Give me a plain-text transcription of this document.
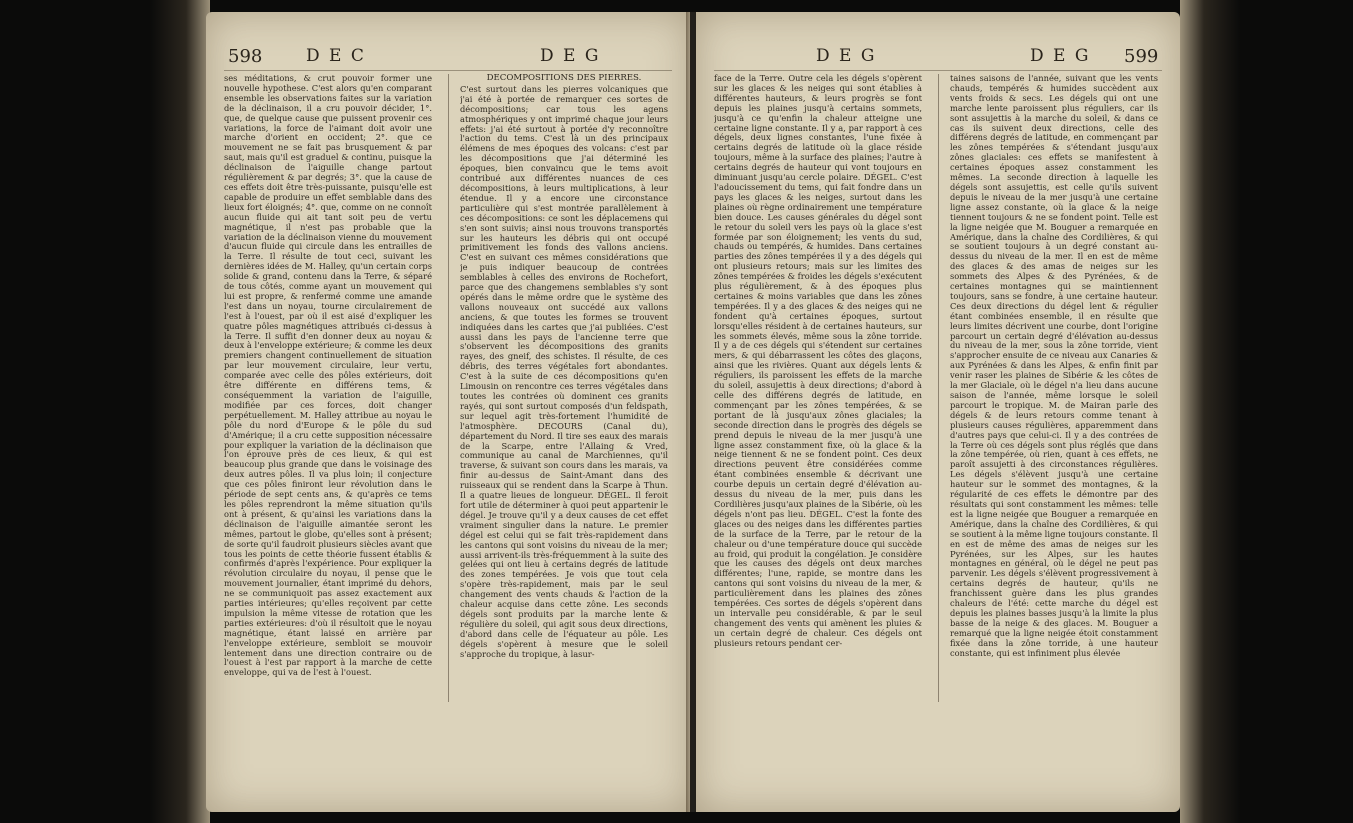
598	D E C	D E G
ses méditations, & crut pouvoir former une nouvelle hypothese. C'est alors qu'en comparant ensemble les observations faites sur la variation de la déclinaison, il a cru pouvoir décider, 1°. que, de quelque cause que puissent provenir ces variations, la force de l'aimant doit avoir une marche d'orient en occident; 2°. que ce mouvement ne se fait pas brusquement & par saut, mais qu'il est graduel & continu, puisque la déclinaison de l'aiguille change partout régulièrement & par degrés; 3°. que la cause de ces effets doit être très-puissante, puisqu'elle est capable de produire un effet semblable dans des lieux fort éloignés; 4°. que, comme on ne connoît aucun fluide qui ait tant soit peu de vertu magnétique, il n'est pas probable que la variation de la déclinaison vienne du mouvement d'aucun fluide qui circule dans les entrailles de la Terre. Il résulte de tout ceci, suivant les dernières idées de M. Halley, qu'un certain corps solide & grand, contenu dans la Terre, & séparé de tous côtés, comme ayant un mouvement qui lui est propre, & renfermé comme une amande l'est dans un noyau, tourne circulairement de l'est à l'ouest, par où il est aisé d'expliquer les quatre pôles magnétiques attribués ci-dessus à la Terre. Il suffit d'en donner deux au noyau & deux à l'enveloppe extérieure; & comme les deux premiers changent continuellement de situation par leur mouvement circulaire, leur vertu, comparée avec celle des pôles extérieurs, doit être différente en différens tems, & conséquemment la variation de l'aiguille, modifiée par ces forces, doit changer perpétuellement. M. Halley attribue au noyau le pôle du nord d'Europe & le pôle du sud d'Amérique; il a cru cette supposition nécessaire pour expliquer la variation de la déclinaison que l'on éprouve près de ces lieux, & qui est beaucoup plus grande que dans le voisinage des deux autres pôles. Il va plus loin; il conjecture que ces pôles finiront leur révolution dans le période de sept cents ans, & qu'après ce tems les pôles reprendront la même situation qu'ils ont à présent, & qu'ainsi les variations dans la déclinaison de l'aiguille aimantée seront les mêmes, partout le globe, qu'elles sont à présent; de sorte qu'il faudroit plusieurs siècles avant que tous les points de cette théorie fussent établis & confirmés d'après l'expérience. Pour expliquer la révolution circulaire du noyau, il pense que le mouvement journalier, étant imprimé du dehors, ne se communiquoit pas assez exactement aux parties intérieures; qu'elles reçoivent par cette impulsion la même vitesse de rotation que les parties extérieures: d'où il résultoit que le noyau magnétique, étant laissé en arrière par l'enveloppe extérieure, sembloit se mouvoir lentement dans une direction contraire ou de l'ouest à l'est par rapport à la marche de cette enveloppe, qui va de l'est à l'ouest.
DÉCOMPOSITIONS DES PIERRES.
C'est surtout dans les pierres volcaniques que j'ai été à portée de remarquer ces sortes de décompositions; car tous les agens atmosphériques y ont imprimé chaque jour leurs effets: j'ai été surtout à portée d'y reconnoître l'action du tems. C'est là un des principaux élémens de mes époques des volcans: c'est par les décompositions que j'ai déterminé les époques, bien convaincu que le tems avoit contribué aux différentes nuances de ces décompositions, à leurs multiplications, à leur étendue. Il y a encore une circonstance particulière qui s'est montrée parallèlement à ces décompositions: ce sont les déplacemens qui s'en sont suivis; ainsi nous trouvons transportés sur les hauteurs les débris qui ont occupé primitivement les fonds des vallons anciens. C'est en suivant ces mêmes considérations que je puis indiquer beaucoup de contrées semblables à celles des environs de Rochefort, parce que des changemens semblables s'y sont opérés dans le même ordre que le système des vallons nouveaux ont succédé aux vallons anciens, & que toutes les formes se trouvent indiquées dans les cartes que j'ai publiées. C'est aussi dans les pays de l'ancienne terre que s'observent les décompositions des granits rayes, des gneif, des schistes. Il résulte, de ces débris, des terres végétales fort abondantes. C'est à la suite de ces décompositions qu'en Limousin on rencontre ces terres végétales dans toutes les contrées où dominent ces granits rayés, qui sont surtout composés d'un feldspath, sur lequel agit très-fortement l'humidité de l'atmosphère. DECOURS (Canal du), département du Nord. Il tire ses eaux des marais de la Scarpe, entre l'Allaing & Vred, communique au canal de Marchiennes, qu'il traverse, & suivant son cours dans les marais, va finir au-dessus de Saint-Amant dans des ruisseaux qui se rendent dans la Scarpe à Thun. Il a quatre lieues de longueur. DÉGEL. Il feroit fort utile de déterminer à quoi peut appartenir le dégel. Je trouve qu'il y a deux causes de cet effet vraiment singulier dans la nature. Le premier dégel est celui qui se fait très-rapidement dans les cantons qui sont voisins du niveau de la mer; aussi arrivent-ils très-fréquemment à la suite des gelées qui ont lieu à certains degrés de latitude des zones tempérées. Je vois que tout cela s'opère très-rapidement, mais par le seul changement des vents chauds & l'action de la chaleur acquise dans cette zône. Les seconds dégels sont produits par la marche lente & régulière du soleil, qui agit sous deux directions, d'abord dans celle de l'équateur au pôle. Les dégels s'opèrent à mesure que le soleil s'approche du tropique, à lasur-
D E G	D E G 599
face de la Terre. Outre cela les dégels s'opèrent sur les glaces & les neiges qui sont établies à différentes hauteurs, & leurs progrès se font depuis les plaines jusqu'à certains sommets, jusqu'à ce qu'enfin la chaleur atteigne une certaine ligne constante. Il y a, par rapport à ces dégels, deux lignes constantes, l'une fixée à certains degrés de latitude où la glace réside toujours, même à la surface des plaines; l'autre à certains degrés de hauteur qui vont toujours en diminuant jusqu'au cercle polaire. DÉGEL. C'est l'adoucissement du tems, qui fait fondre dans un pays les glaces & les neiges, surtout dans les plaines où règne ordinairement une température bien douce. Les causes générales du dégel sont le retour du soleil vers les pays où la glace s'est formée par son éloignement; les vents du sud, chauds ou tempérés, & humides. Dans certaines parties des zônes tempérées il y a des dégels qui ont plusieurs retours; mais sur les limites des zônes tempérées & froides les dégels s'exécutent plus régulièrement, & à des époques plus certaines & moins variables que dans les zônes tempérées. Il y a des glaces & des neiges qui ne fondent qu'à certaines époques, surtout lorsqu'elles résident à de certaines hauteurs, sur les sommets élevés, même sous la zône torride. Il y a de ces dégels qui s'étendent sur certaines mers, & qui débarrassent les côtes des glaçons, ainsi que les rivières. Quant aux dégels lents & réguliers, ils paroissent les effets de la marche du soleil, assujettis à deux directions; d'abord à celle des différens degrés de latitude, en commençant par les zônes tempérées, & se portant de là jusqu'aux zônes glaciales; la seconde direction dans le progrès des dégels se prend depuis le niveau de la mer jusqu'à une ligne assez constamment fixe, où la glace & la neige tiennent & ne se fondent point. Ces deux directions peuvent être considérées comme étant combinées ensemble & décrivant une courbe depuis un certain degré d'élévation au-dessus du niveau de la mer, puis dans les Cordilières jusqu'aux plaines de la Sibérie, où les dégels n'ont pas lieu. DÉGEL. C'est la fonte des glaces ou des neiges dans les différentes parties de la surface de la Terre, par le retour de la chaleur ou d'une température douce qui succède au froid, qui produit la congélation. Je considère que les causes des dégels ont deux marches différentes; l'une, rapide, se montre dans les cantons qui sont voisins du niveau de la mer, & particulièrement dans les plaines des zônes tempérées. Ces sortes de dégels s'opèrent dans un intervalle peu considérable, & par le seul changement des vents qui amènent les pluies & un certain degré de chaleur. Ces dégels ont plusieurs retours pendant cer-
taines saisons de l'année, suivant que les vents chauds, tempérés & humides succèdent aux vents froids & secs. Les dégels qui ont une marche lente paroissent plus réguliers, car ils sont assujettis à la marche du soleil, & dans ce cas ils suivent deux directions, celle des différens degrés de latitude, en commençant par les zônes tempérées & s'étendant jusqu'aux zônes glaciales: ces effets se manifestent à certaines époques assez constamment les mêmes. La seconde direction à laquelle les dégels sont assujettis, est celle qu'ils suivent depuis le niveau de la mer jusqu'à une certaine ligne assez constante, où la glace & la neige tiennent toujours & ne se fondent point. Telle est la ligne neigée que M. Bouguer a remarquée en Amérique, dans la chaîne des Cordilières, & qui se soutient toujours à un degré constant au-dessus du niveau de la mer. Il en est de même des glaces & des amas de neiges sur les sommets des Alpes & des Pyrénées, & de certaines montagnes qui se maintiennent toujours, sans se fondre, à une certaine hauteur. Ces deux directions du dégel lent & régulier étant combinées ensemble, il en résulte que leurs limites décrivent une courbe, dont l'origine parcourt un certain degré d'élévation au-dessus du niveau de la mer, sous la zône torride, vient s'approcher ensuite de ce niveau aux Canaries & aux Pyrénées & dans les Alpes, & enfin finit par venir raser les plaines de Sibérie & les côtes de la mer Glaciale, où le dégel n'a lieu dans aucune saison de l'année, même lorsque le soleil parcourt le tropique. M. de Mairan parle des dégels & de leurs retours comme tenant à plusieurs causes régulières, apparemment dans d'autres pays que celui-ci. Il y a des contrées de la Terre où ces dégels sont plus réglés que dans la zône tempérée, où rien, quant à ces effets, ne paroît assujetti à des circonstances régulières. Les dégels s'élèvent jusqu'à une certaine hauteur sur le sommet des montagnes, & la régularité de ces effets le démontre par des résultats qui sont constamment les mêmes: telle est la ligne neigée que Bouguer a remarquée en Amérique, dans la chaîne des Cordilières, & qui se soutient à la même ligne toujours constante. Il en est de même des amas de neiges sur les Pyrénées, sur les Alpes, sur les hautes montagnes en général, où le dégel ne peut pas parvenir. Les dégels s'élèvent progressivement à certains degrés de hauteur, qu'ils ne franchissent guère dans les plus grandes chaleurs de l'été: cette marche du dégel est depuis les plaines basses jusqu'à la limite la plus basse de la neige & des glaces. M. Bouguer a remarqué que la ligne neigée étoit constamment fixée dans la zône torride, à une hauteur constante, qui est infiniment plus élevée
